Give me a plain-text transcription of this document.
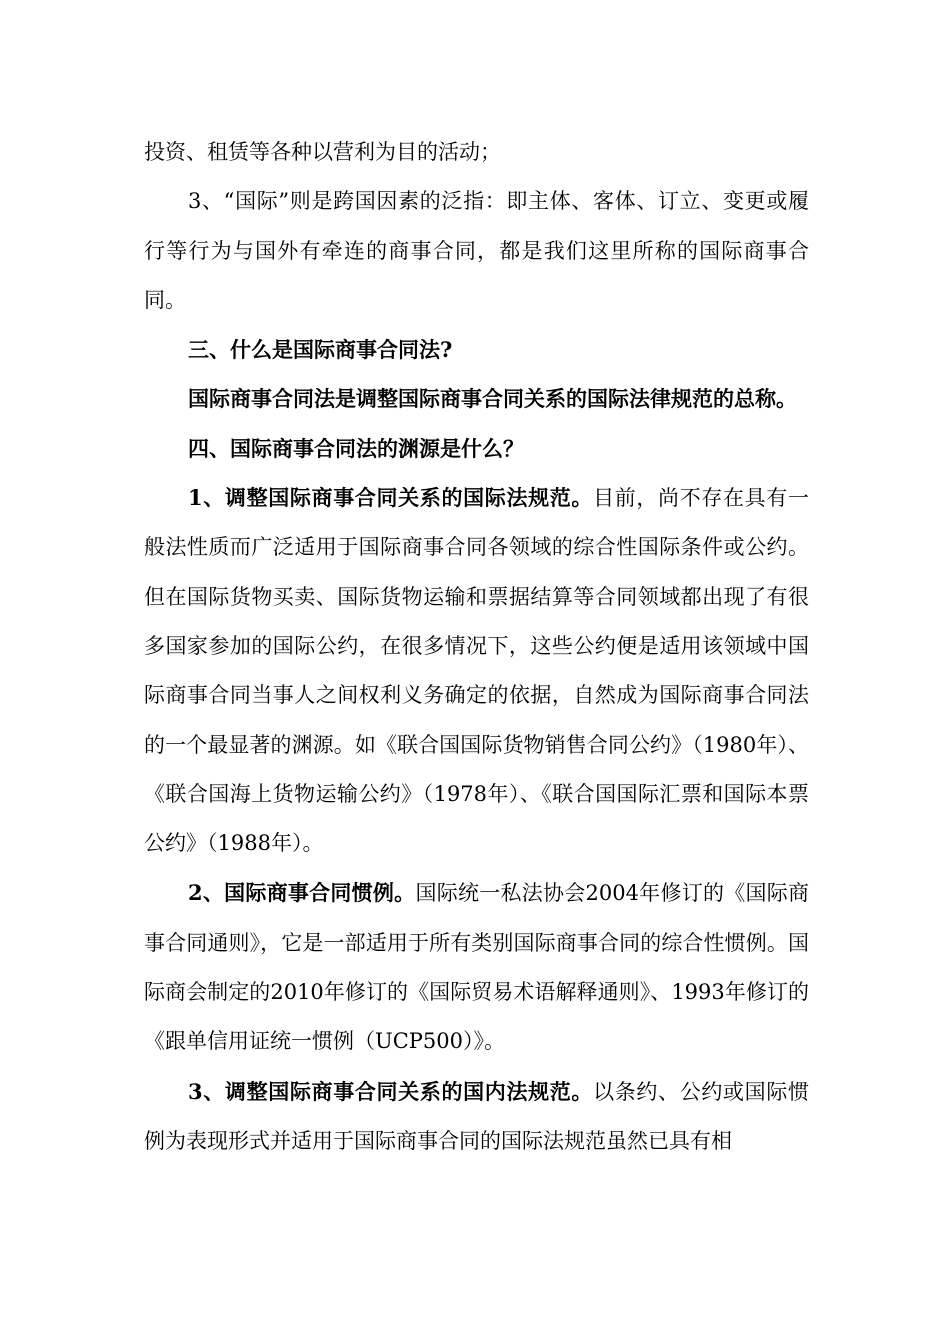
投资、租赁等各种以营利为目的活动；

3、“国际”则是跨国因素的泛指：即主体、客体、订立、变更或履行等行为与国外有牵连的商事合同，都是我们这里所称的国际商事合同。

三、什么是国际商事合同法?

国际商事合同法是调整国际商事合同关系的国际法律规范的总称。

四、国际商事合同法的渊源是什么？

1、调整国际商事合同关系的国际法规范。目前，尚不存在具有一般法性质而广泛适用于国际商事合同各领域的综合性国际条件或公约。但在国际货物买卖、国际货物运输和票据结算等合同领域都出现了有很多国家参加的国际公约，在很多情况下，这些公约便是适用该领域中国际商事合同当事人之间权利义务确定的依据，自然成为国际商事合同法的一个最显著的渊源。如《联合国国际货物销售合同公约》（1980年）、《联合国海上货物运输公约》（1978年）、《联合国国际汇票和国际本票公约》（1988年）。

2、国际商事合同惯例。国际统一私法协会2004年修订的《国际商事合同通则》，它是一部适用于所有类别国际商事合同的综合性惯例。国际商会制定的2010年修订的《国际贸易术语解释通则》、1993年修订的《跟单信用证统一惯例（UCP500）》。

3、调整国际商事合同关系的国内法规范。以条约、公约或国际惯例为表现形式并适用于国际商事合同的国际法规范虽然已具有相
